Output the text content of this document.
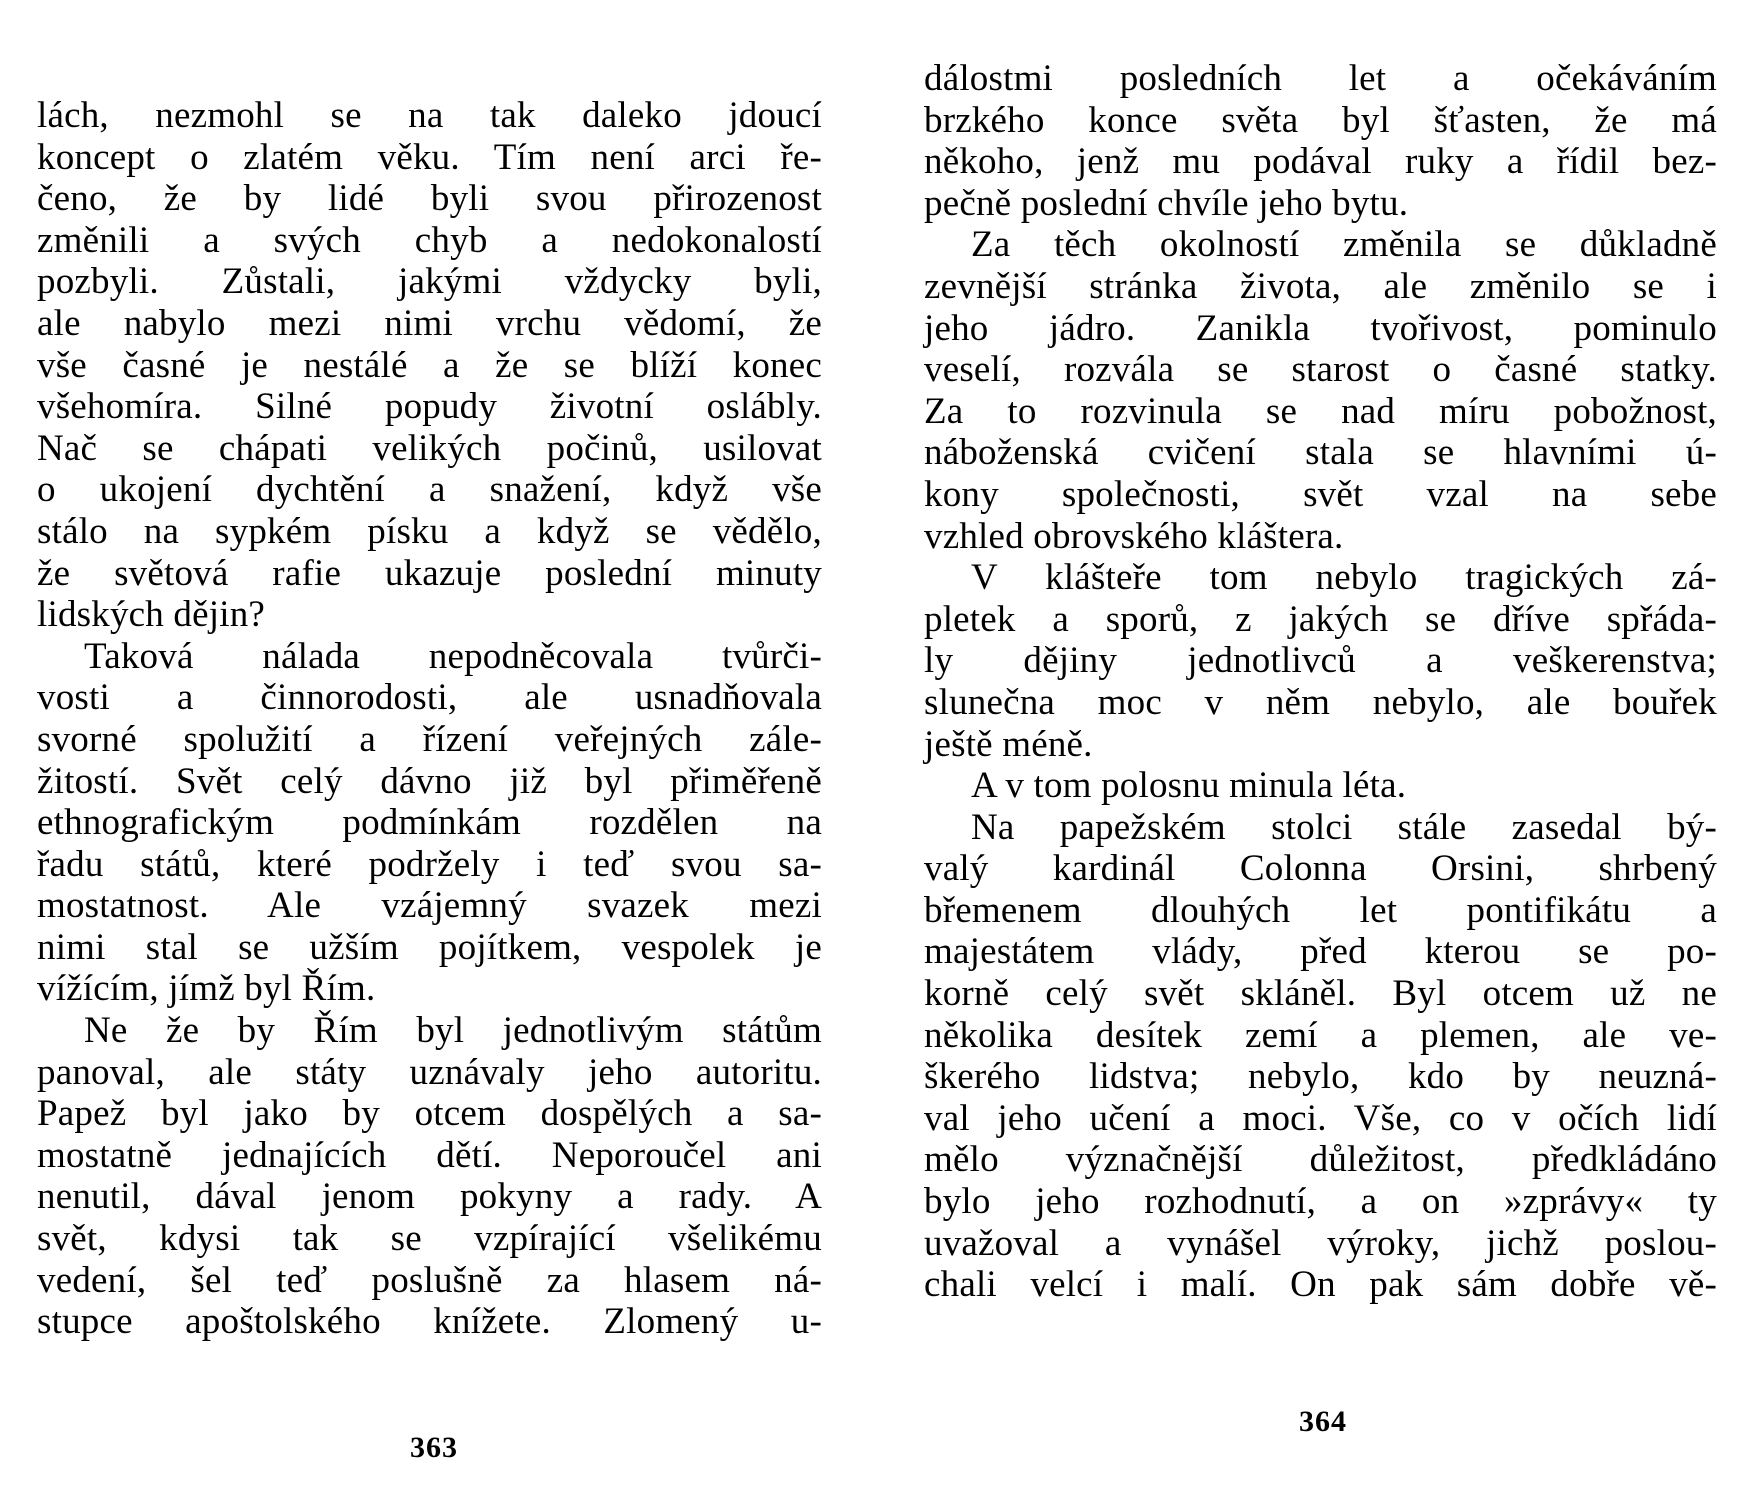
lách, nezmohl se na tak daleko jdoucí
koncept o zlatém věku. Tím není arci ře-
čeno, že by lidé byli svou přirozenost
změnili a svých chyb a nedokonalostí
pozbyli. Zůstali, jakými vždycky byli,
ale nabylo mezi nimi vrchu vědomí, že
vše časné je nestálé a že se blíží konec
všehomíra. Silné popudy životní oslábly.
Nač se chápati velikých počinů, usilovat
o ukojení dychtění a snažení, když vše
stálo na sypkém písku a když se vědělo,
že světová rafie ukazuje poslední minuty
lidských dějin?
Taková nálada nepodněcovala tvůrči-
vosti a činnorodosti, ale usnadňovala
svorné spolužití a řízení veřejných zále-
žitostí. Svět celý dávno již byl přiměřeně
ethnografickým podmínkám rozdělen na
řadu států, které podržely i teď svou sa-
mostatnost. Ale vzájemný svazek mezi
nimi stal se užším pojítkem, vespolek je
vížícím, jímž byl Řím.
Ne že by Řím byl jednotlivým státům
panoval, ale státy uznávaly jeho autoritu.
Papež byl jako by otcem dospělých a sa-
mostatně jednajících dětí. Neporoučel ani
nenutil, dával jenom pokyny a rady. A
svět, kdysi tak se vzpírající všelikému
vedení, šel teď poslušně za hlasem ná-
stupce apoštolského knížete. Zlomený u-
363
dálostmi posledních let a očekáváním
brzkého konce světa byl šťasten, že má
někoho, jenž mu podával ruky a řídil bez-
pečně poslední chvíle jeho bytu.
Za těch okolností změnila se důkladně
zevnější stránka života, ale změnilo se i
jeho jádro. Zanikla tvořivost, pominulo
veselí, rozvála se starost o časné statky.
Za to rozvinula se nad míru pobožnost,
náboženská cvičení stala se hlavními ú-
kony společnosti, svět vzal na sebe
vzhled obrovského kláštera.
V klášteře tom nebylo tragických zá-
pletek a sporů, z jakých se dříve spřáda-
ly dějiny jednotlivců a veškerenstva;
slunečna moc v něm nebylo, ale bouřek
ještě méně.
A v tom polosnu minula léta.
Na papežském stolci stále zasedal bý-
valý kardinál Colonna Orsini, shrbený
břemenem dlouhých let pontifikátu a
majestátem vlády, před kterou se po-
korně celý svět skláněl. Byl otcem už ne
několika desítek zemí a plemen, ale ve-
škerého lidstva; nebylo, kdo by neuzná-
val jeho učení a moci. Vše, co v očích lidí
mělo význačnější důležitost, předkládáno
bylo jeho rozhodnutí, a on »zprávy« ty
uvažoval a vynášel výroky, jichž poslou-
chali velcí i malí. On pak sám dobře vě-
364
